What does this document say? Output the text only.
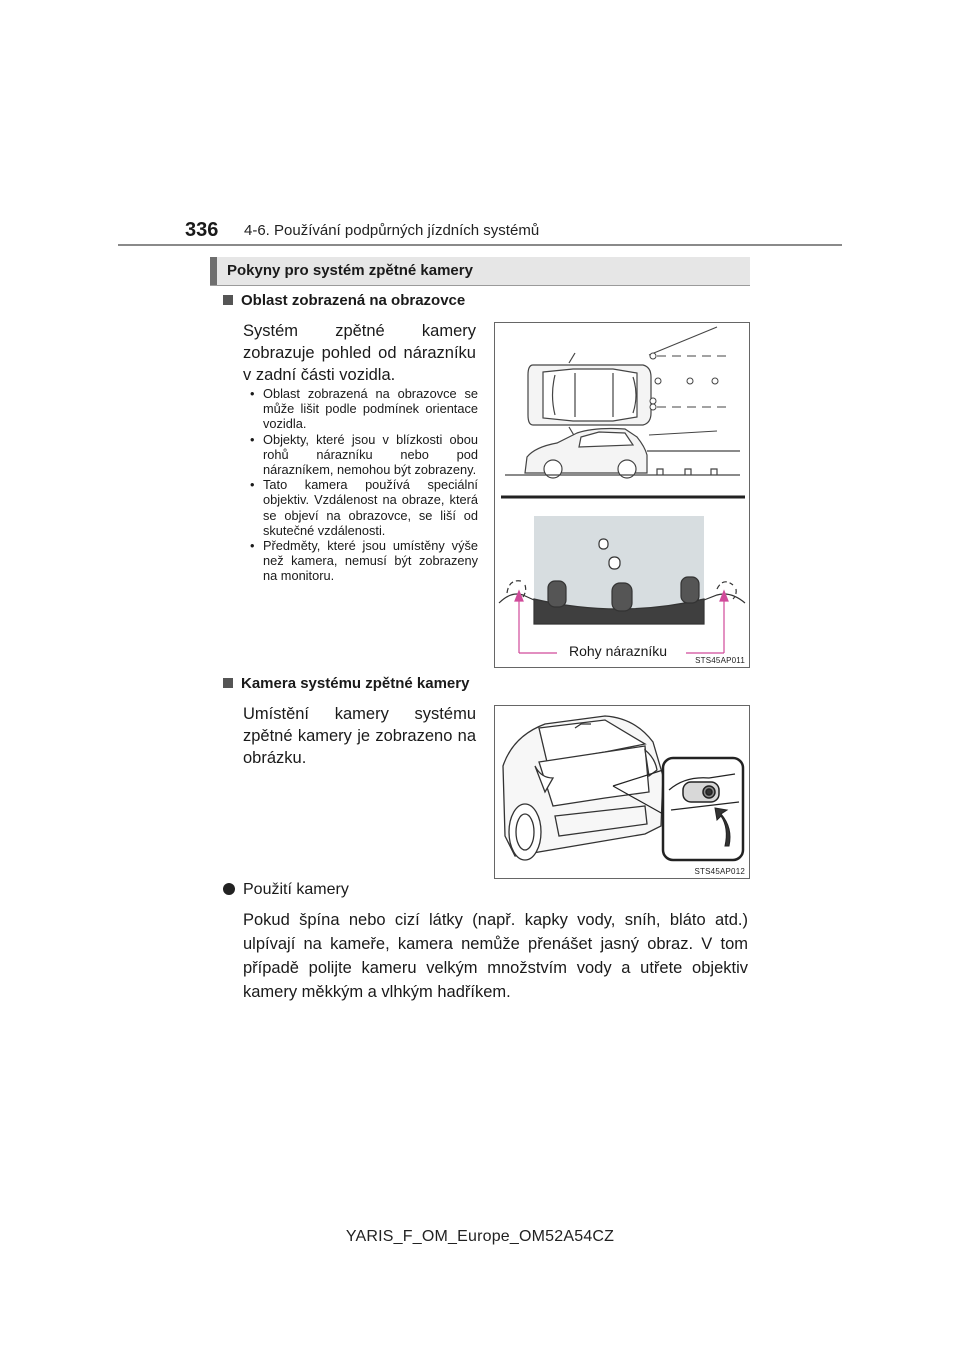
336 4-6. Používání podpůrných jízdních systémů
Pokyny pro systém zpětné kamery
Oblast zobrazená na obrazovce

Systém zpětné kamery zobrazuje pohled od nárazníku v zadní části vozidla.

• Oblast zobrazená na obrazovce se může lišit podle podmínek orientace vozidla.
• Objekty, které jsou v blízkosti obou rohů nárazníku nebo pod nárazníkem, nemohou být zobrazeny.
• Tato kamera používá speciální objektiv. Vzdálenost na obraze, která se objeví na obrazovce, se liší od skutečné vzdálenosti.
• Předměty, které jsou umístěny výše než kamera, nemusí být zobrazeny na monitoru.
Rohy nárazníku
STS45AP011
Kamera systému zpětné kamery

Umístění kamery systému zpětné kamery je zobrazeno na obrázku.

STS45AP012
Použití kamery

Pokud špína nebo cizí látky (např. kapky vody, sníh, bláto atd.) ulpívají na kameře, kamera nemůže přenášet jasný obraz. V tom případě polijte kameru velkým množstvím vody a utřete objektiv kamery měkkým a vlhkým hadříkem.

YARIS_F_OM_Europe_OM52A54CZ
